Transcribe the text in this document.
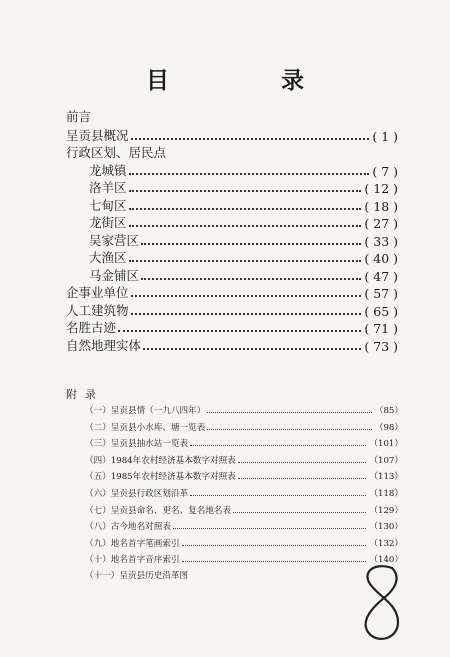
目 录
前言
呈贡县概况	( 1 )
行政区划、居民点
龙城镇	( 7 )
洛羊区	( 12 )
七甸区	( 18 )
龙街区	( 27 )
吴家营区	( 33 )
大渔区	( 40 )
马金铺区	( 47 )
企事业单位	( 57 )
人工建筑物	( 65 )
名胜古迹	( 71 )
自然地理实体	( 73 )
附录
（一）呈贡县情（一九八四年）	（85）
（二）呈贡县小水库、塘一览表	（98）
（三）呈贡县抽水站一览表	（101）
（四）1984年农村经济基本数字对照表	（107）
（五）1985年农村经济基本数字对照表	（113）
（六）呈贡县行政区划沿革	（118）
（七）呈贡县命名、更名、复名地名表	（129）
（八）古今地名对照表	（130）
（九）地名首字笔画索引	（132）
（十）地名首字音序索引	（140）
（十一）呈贡县历史沿革图
